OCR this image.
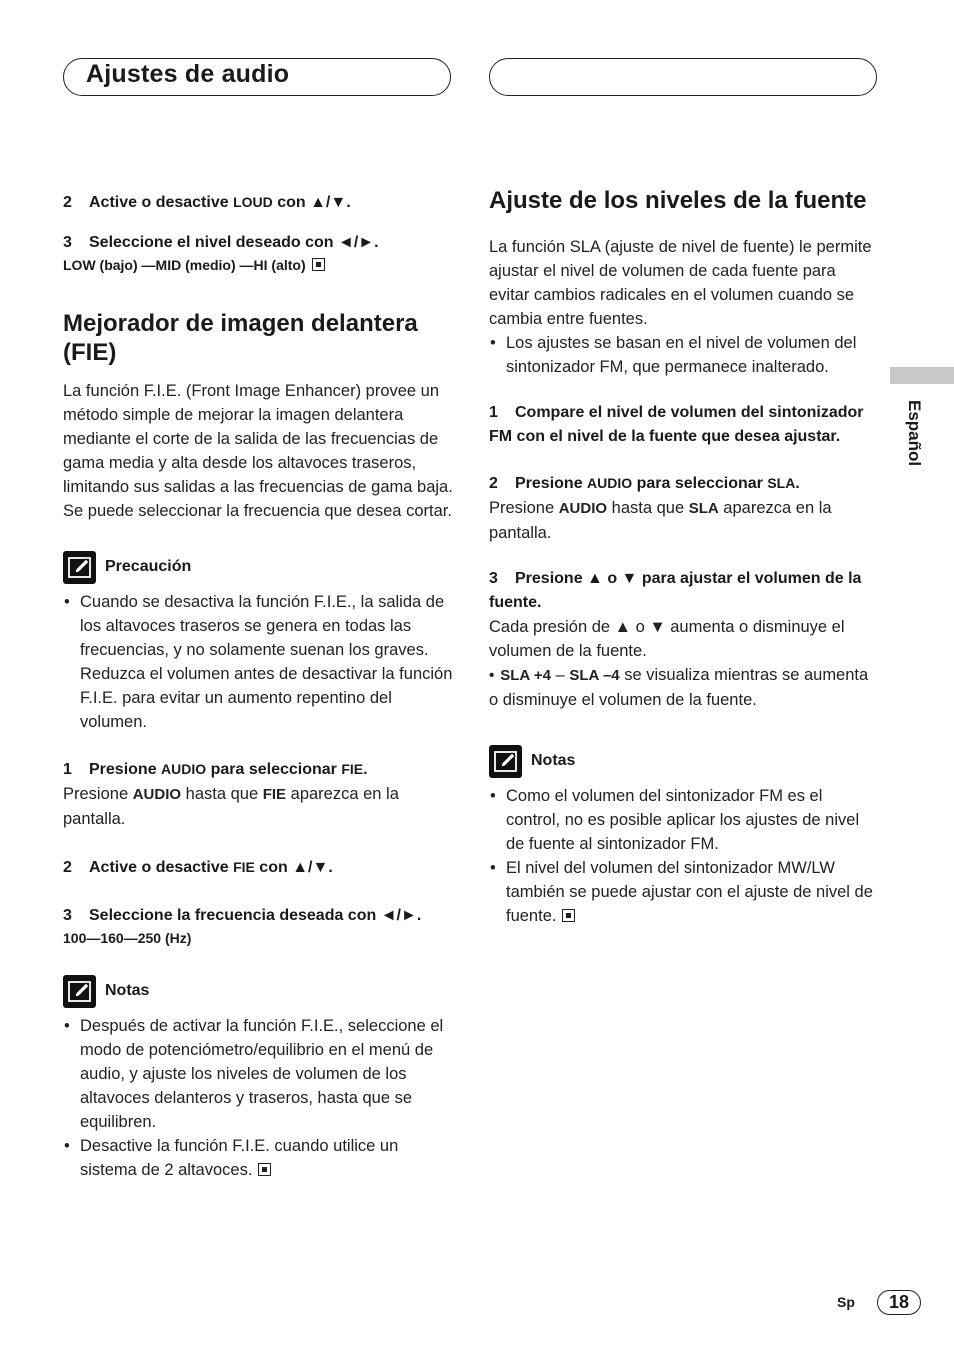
Ajustes de audio
2 Active o desactive LOUD con ▲/▼.
3 Seleccione el nivel deseado con ◄/►.
LOW (bajo) —MID (medio) —HI (alto)
Mejorador de imagen delantera (FIE)
La función F.I.E. (Front Image Enhancer) provee un método simple de mejorar la imagen delantera mediante el corte de la salida de las frecuencias de gama media y alta desde los altavoces traseros, limitando sus salidas a las frecuencias de gama baja. Se puede seleccionar la frecuencia que desea cortar.
Precaución
• Cuando se desactiva la función F.I.E., la salida de los altavoces traseros se genera en todas las frecuencias, y no solamente suenan los graves. Reduzca el volumen antes de desactivar la función F.I.E. para evitar un aumento repentino del volumen.
1 Presione AUDIO para seleccionar FIE.
Presione AUDIO hasta que FIE aparezca en la pantalla.
2 Active o desactive FIE con ▲/▼.
3 Seleccione la frecuencia deseada con ◄/►.
100—160—250 (Hz)
Notas
• Después de activar la función F.I.E., seleccione el modo de potenciómetro/equilibrio en el menú de audio, y ajuste los niveles de volumen de los altavoces delanteros y traseros, hasta que se equilibren.
• Desactive la función F.I.E. cuando utilice un sistema de 2 altavoces.
Ajuste de los niveles de la fuente
La función SLA (ajuste de nivel de fuente) le permite ajustar el nivel de volumen de cada fuente para evitar cambios radicales en el volumen cuando se cambia entre fuentes.
• Los ajustes se basan en el nivel de volumen del sintonizador FM, que permanece inalterado.
1 Compare el nivel de volumen del sintonizador FM con el nivel de la fuente que desea ajustar.
2 Presione AUDIO para seleccionar SLA.
Presione AUDIO hasta que SLA aparezca en la pantalla.
3 Presione ▲ o ▼ para ajustar el volumen de la fuente.
Cada presión de ▲ o ▼ aumenta o disminuye el volumen de la fuente.
• SLA +4 – SLA –4 se visualiza mientras se aumenta o disminuye el volumen de la fuente.
Notas
• Como el volumen del sintonizador FM es el control, no es posible aplicar los ajustes de nivel de fuente al sintonizador FM.
• El nivel del volumen del sintonizador MW/LW también se puede ajustar con el ajuste de nivel de fuente.
Español
Sp	18
